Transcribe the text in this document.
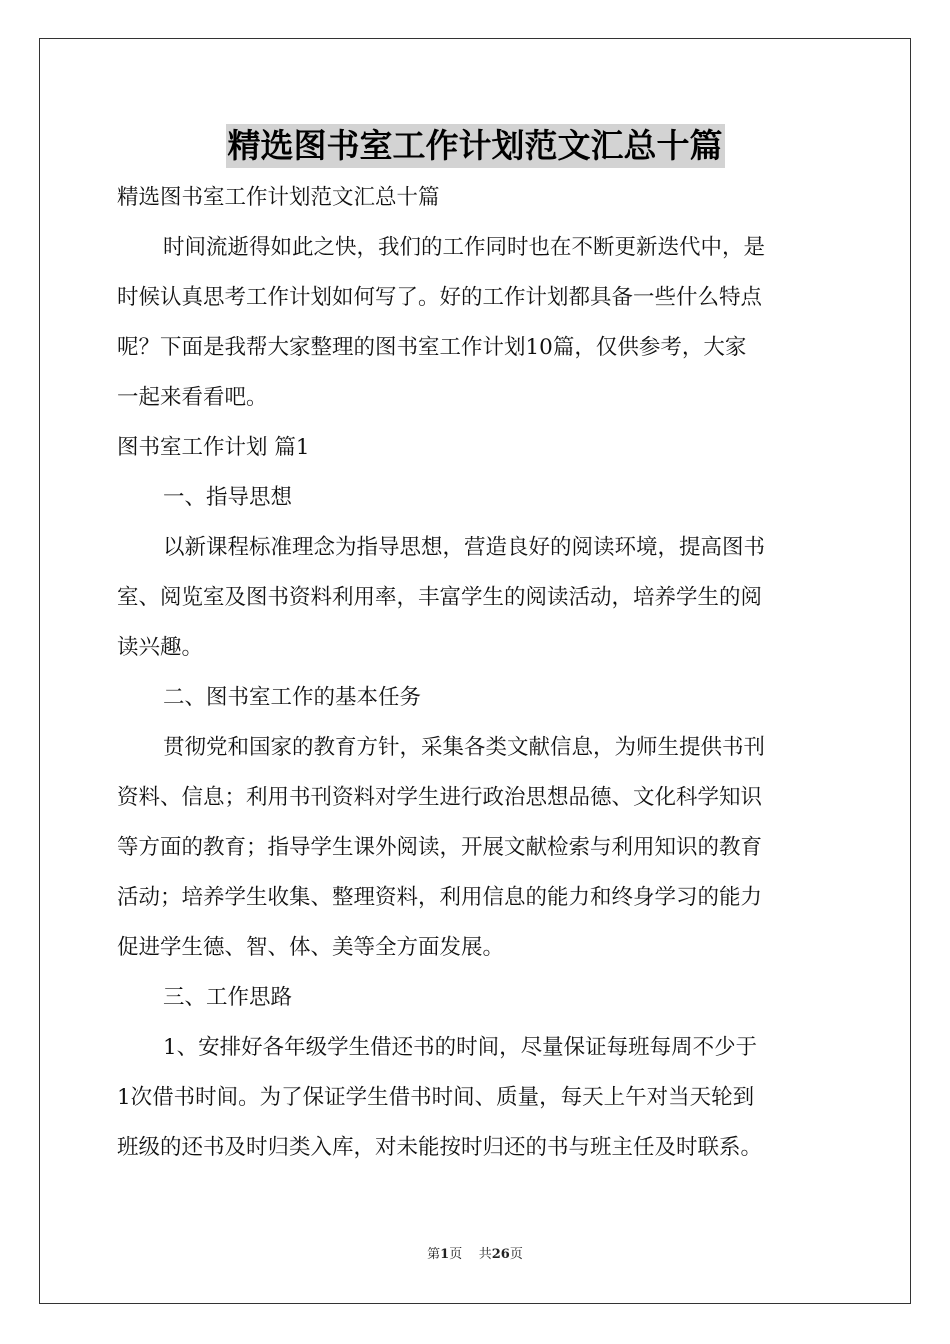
精选图书室工作计划范文汇总十篇
精选图书室工作计划范文汇总十篇
时间流逝得如此之快，我们的工作同时也在不断更新迭代中，是
时候认真思考工作计划如何写了。好的工作计划都具备一些什么特点
呢？下面是我帮大家整理的图书室工作计划10篇，仅供参考，大家
一起来看看吧。
图书室工作计划 篇1
一、指导思想
以新课程标准理念为指导思想，营造良好的阅读环境，提高图书
室、阅览室及图书资料利用率，丰富学生的阅读活动，培养学生的阅
读兴趣。
二、图书室工作的基本任务
贯彻党和国家的教育方针，采集各类文献信息，为师生提供书刊
资料、信息；利用书刊资料对学生进行政治思想品德、文化科学知识
等方面的教育；指导学生课外阅读，开展文献检索与利用知识的教育
活动；培养学生收集、整理资料，利用信息的能力和终身学习的能力
促进学生德、智、体、美等全方面发展。
三、工作思路
1、安排好各年级学生借还书的时间，尽量保证每班每周不少于
1次借书时间。为了保证学生借书时间、质量，每天上午对当天轮到
班级的还书及时归类入库，对未能按时归还的书与班主任及时联系。
第1页 共26页
